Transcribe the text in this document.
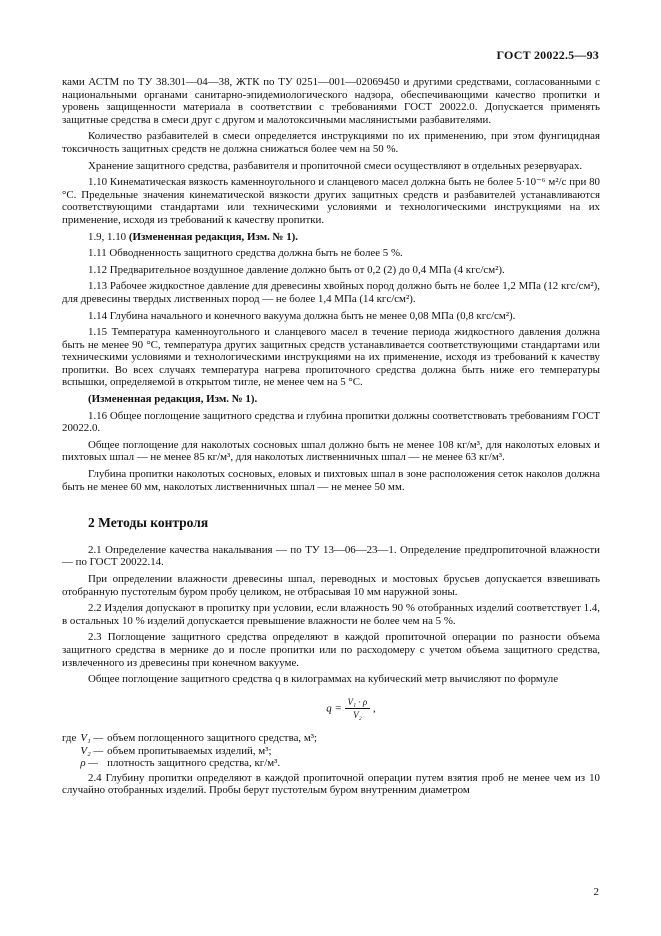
ГОСТ 20022.5—93

ками АСТМ по ТУ 38.301—04—38, ЖТК по ТУ 0251—001—02069450 и другими средствами, согласованными с национальными органами санитарно-эпидемиологического надзора, обеспечивающими качество пропитки и уровень защищенности материала в соответствии с требованиями ГОСТ 20022.0. Допускается применять защитные средства в смеси друг с другом и малотоксичными маслянистыми разбавителями.

Количество разбавителей в смеси определяется инструкциями по их применению, при этом фунгицидная токсичность защитных средств не должна снижаться более чем на 50 %.

Хранение защитного средства, разбавителя и пропиточной смеси осуществляют в отдельных резервуарах.

1.10 Кинематическая вязкость каменноугольного и сланцевого масел должна быть не более 5·10⁻⁶ м²/с при 80 °С. Предельные значения кинематической вязкости других защитных средств и разбавителей устанавливаются соответствующими стандартами или техническими условиями и технологическими инструкциями на их применение, исходя из требований к качеству пропитки.

1.9, 1.10 (Измененная редакция, Изм. № 1).

1.11 Обводненность защитного средства должна быть не более 5 %.

1.12 Предварительное воздушное давление должно быть от 0,2 (2) до 0,4 МПа (4 кгс/см²).

1.13 Рабочее жидкостное давление для древесины хвойных пород должно быть не более 1,2 МПа (12 кгс/см²), для древесины твердых лиственных пород — не более 1,4 МПа (14 кгс/см²).

1.14 Глубина начального и конечного вакуума должна быть не менее 0,08 МПа (0,8 кгс/см²).

1.15 Температура каменноугольного и сланцевого масел в течение периода жидкостного давления должна быть не менее 90 °С, температура других защитных средств устанавливается соответствующими стандартами или техническими условиями и технологическими инструкциями на их применение, исходя из требований к качеству пропитки. Во всех случаях температура нагрева пропиточного средства должна быть ниже его температуры вспышки, определяемой в открытом тигле, не менее чем на 5 °С.

(Измененная редакция, Изм. № 1).

1.16 Общее поглощение защитного средства и глубина пропитки должны соответствовать требованиям ГОСТ 20022.0.

Общее поглощение для наколотых сосновых шпал должно быть не менее 108 кг/м³, для наколотых еловых и пихтовых шпал — не менее 85 кг/м³, для наколотых лиственничных шпал — не менее 63 кг/м³.

Глубина пропитки наколотых сосновых, еловых и пихтовых шпал в зоне расположения сеток наколов должна быть не менее 60 мм, наколотых лиственничных шпал — не менее 50 мм.

2 Методы контроля

2.1 Определение качества накалывания — по ТУ 13—06—23—1. Определение предпропиточной влажности — по ГОСТ 20022.14.

При определении влажности древесины шпал, переводных и мостовых брусьев допускается взвешивать отобранную пустотелым буром пробу целиком, не отбрасывая 10 мм наружной зоны.

2.2 Изделия допускают в пропитку при условии, если влажность 90 % отобранных изделий соответствует 1.4, в остальных 10 % изделий допускается превышение влажности не более чем на 5 %.

2.3 Поглощение защитного средства определяют в каждой пропиточной операции по разности объема защитного средства в мернике до и после пропитки или по расходомеру с учетом объема защитного средства, извлеченного из древесины при конечном вакууме.

Общее поглощение защитного средства q в килограммах на кубический метр вычисляют по формуле

$q = \frac{\text{V₁ · ρ}}{\text{V₂}}$ ,
где	V₁ —	объем поглощенного защитного средства, м³;
	V₂ —	объем пропитываемых изделий, м³;
	ρ —	плотность защитного средства, кг/м³.

2.4 Глубину пропитки определяют в каждой пропиточной операции путем взятия проб не менее чем из 10 случайно отобранных изделий. Пробы берут пустотелым буром внутренним диаметром

2
